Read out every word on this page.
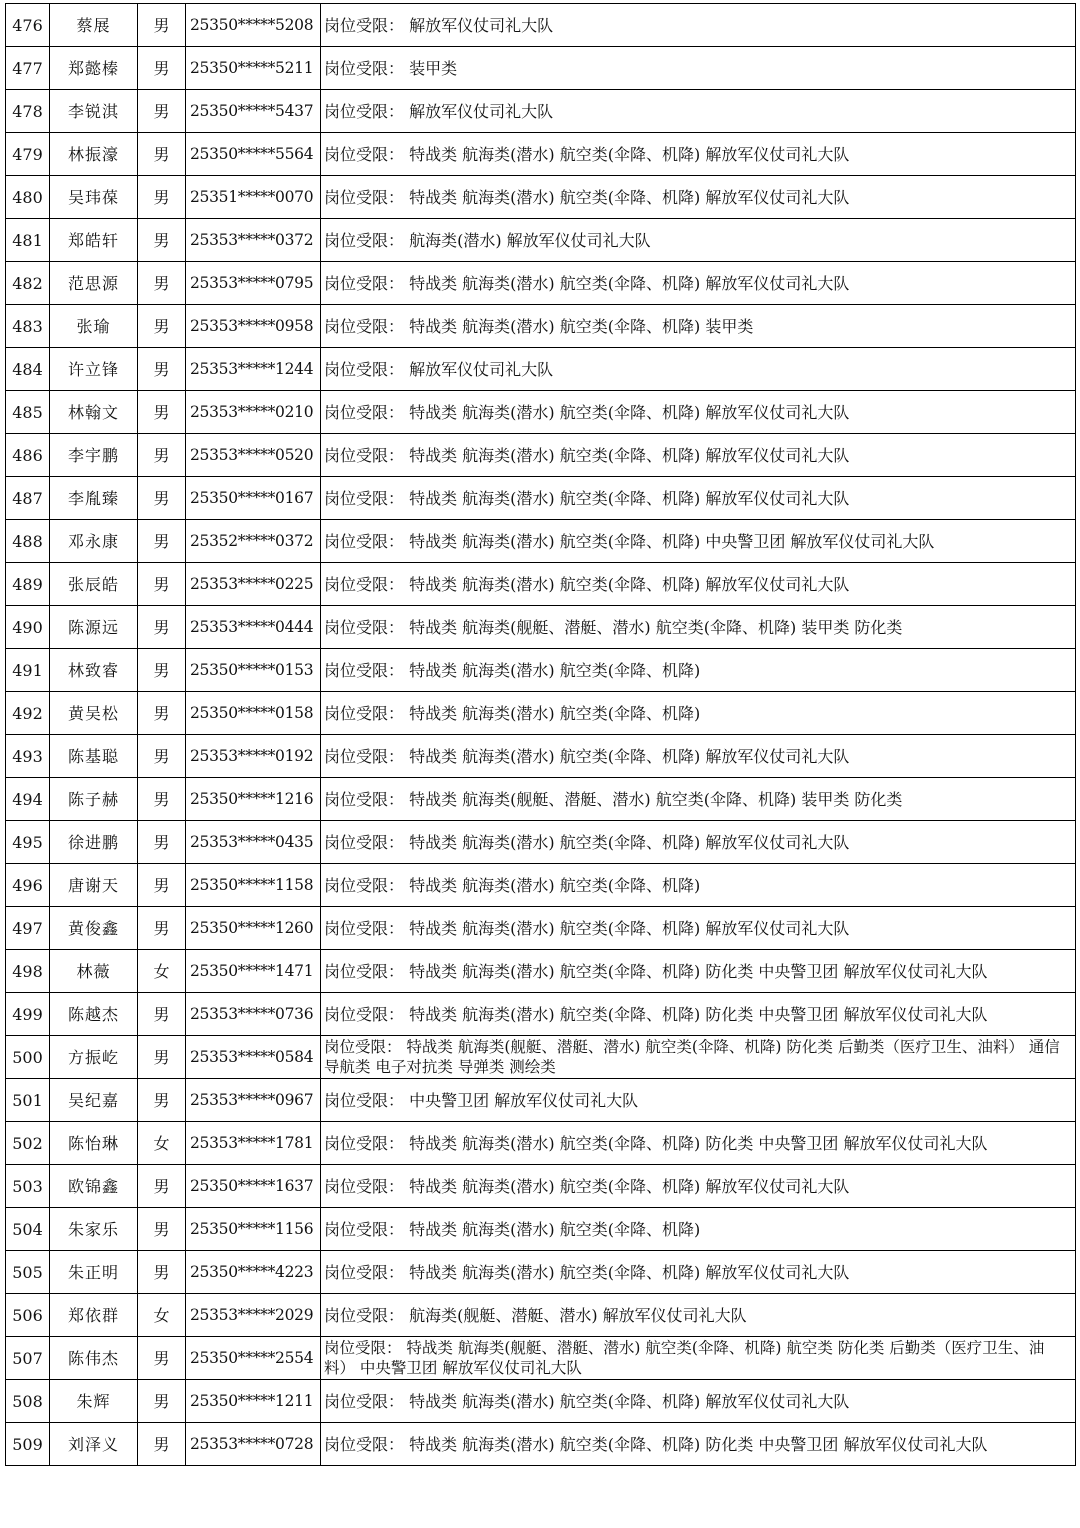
476	蔡展	男	25350*****5208	岗位受限： 解放军仪仗司礼大队
477	郑懿榛	男	25350*****5211	岗位受限： 装甲类
478	李锐淇	男	25350*****5437	岗位受限： 解放军仪仗司礼大队
479	林振濠	男	25350*****5564	岗位受限： 特战类 航海类(潜水) 航空类(伞降、机降) 解放军仪仗司礼大队
480	吴玮葆	男	25351*****0070	岗位受限： 特战类 航海类(潜水) 航空类(伞降、机降) 解放军仪仗司礼大队
481	郑皓轩	男	25353*****0372	岗位受限： 航海类(潜水) 解放军仪仗司礼大队
482	范思源	男	25353*****0795	岗位受限： 特战类 航海类(潜水) 航空类(伞降、机降) 解放军仪仗司礼大队
483	张瑜	男	25353*****0958	岗位受限： 特战类 航海类(潜水) 航空类(伞降、机降) 装甲类
484	许立锋	男	25353*****1244	岗位受限： 解放军仪仗司礼大队
485	林翰文	男	25353*****0210	岗位受限： 特战类 航海类(潜水) 航空类(伞降、机降) 解放军仪仗司礼大队
486	李宇鹏	男	25353*****0520	岗位受限： 特战类 航海类(潜水) 航空类(伞降、机降) 解放军仪仗司礼大队
487	李胤臻	男	25350*****0167	岗位受限： 特战类 航海类(潜水) 航空类(伞降、机降) 解放军仪仗司礼大队
488	邓永康	男	25352*****0372	岗位受限： 特战类 航海类(潜水) 航空类(伞降、机降) 中央警卫团 解放军仪仗司礼大队
489	张辰皓	男	25353*****0225	岗位受限： 特战类 航海类(潜水) 航空类(伞降、机降) 解放军仪仗司礼大队
490	陈源远	男	25353*****0444	岗位受限： 特战类 航海类(舰艇、潜艇、潜水) 航空类(伞降、机降) 装甲类 防化类
491	林致睿	男	25350*****0153	岗位受限： 特战类 航海类(潜水) 航空类(伞降、机降)
492	黄吴松	男	25350*****0158	岗位受限： 特战类 航海类(潜水) 航空类(伞降、机降)
493	陈基聪	男	25353*****0192	岗位受限： 特战类 航海类(潜水) 航空类(伞降、机降) 解放军仪仗司礼大队
494	陈子赫	男	25350*****1216	岗位受限： 特战类 航海类(舰艇、潜艇、潜水) 航空类(伞降、机降) 装甲类 防化类
495	徐进鹏	男	25353*****0435	岗位受限： 特战类 航海类(潜水) 航空类(伞降、机降) 解放军仪仗司礼大队
496	唐谢天	男	25350*****1158	岗位受限： 特战类 航海类(潜水) 航空类(伞降、机降)
497	黄俊鑫	男	25350*****1260	岗位受限： 特战类 航海类(潜水) 航空类(伞降、机降) 解放军仪仗司礼大队
498	林薇	女	25350*****1471	岗位受限： 特战类 航海类(潜水) 航空类(伞降、机降) 防化类 中央警卫团 解放军仪仗司礼大队
499	陈越杰	男	25353*****0736	岗位受限： 特战类 航海类(潜水) 航空类(伞降、机降) 防化类 中央警卫团 解放军仪仗司礼大队
500	方振屹	男	25353*****0584	岗位受限： 特战类 航海类(舰艇、潜艇、潜水) 航空类(伞降、机降) 防化类 后勤类（医疗卫生、油料） 通信导航类 电子对抗类 导弹类 测绘类
501	吴纪嘉	男	25353*****0967	岗位受限： 中央警卫团 解放军仪仗司礼大队
502	陈怡琳	女	25353*****1781	岗位受限： 特战类 航海类(潜水) 航空类(伞降、机降) 防化类 中央警卫团 解放军仪仗司礼大队
503	欧锦鑫	男	25350*****1637	岗位受限： 特战类 航海类(潜水) 航空类(伞降、机降) 解放军仪仗司礼大队
504	朱家乐	男	25350*****1156	岗位受限： 特战类 航海类(潜水) 航空类(伞降、机降)
505	朱正明	男	25350*****4223	岗位受限： 特战类 航海类(潜水) 航空类(伞降、机降) 解放军仪仗司礼大队
506	郑依群	女	25353*****2029	岗位受限： 航海类(舰艇、潜艇、潜水) 解放军仪仗司礼大队
507	陈伟杰	男	25350*****2554	岗位受限： 特战类 航海类(舰艇、潜艇、潜水) 航空类(伞降、机降) 航空类 防化类 后勤类（医疗卫生、油料） 中央警卫团 解放军仪仗司礼大队
508	朱辉	男	25350*****1211	岗位受限： 特战类 航海类(潜水) 航空类(伞降、机降) 解放军仪仗司礼大队
509	刘泽义	男	25353*****0728	岗位受限： 特战类 航海类(潜水) 航空类(伞降、机降) 防化类 中央警卫团 解放军仪仗司礼大队
